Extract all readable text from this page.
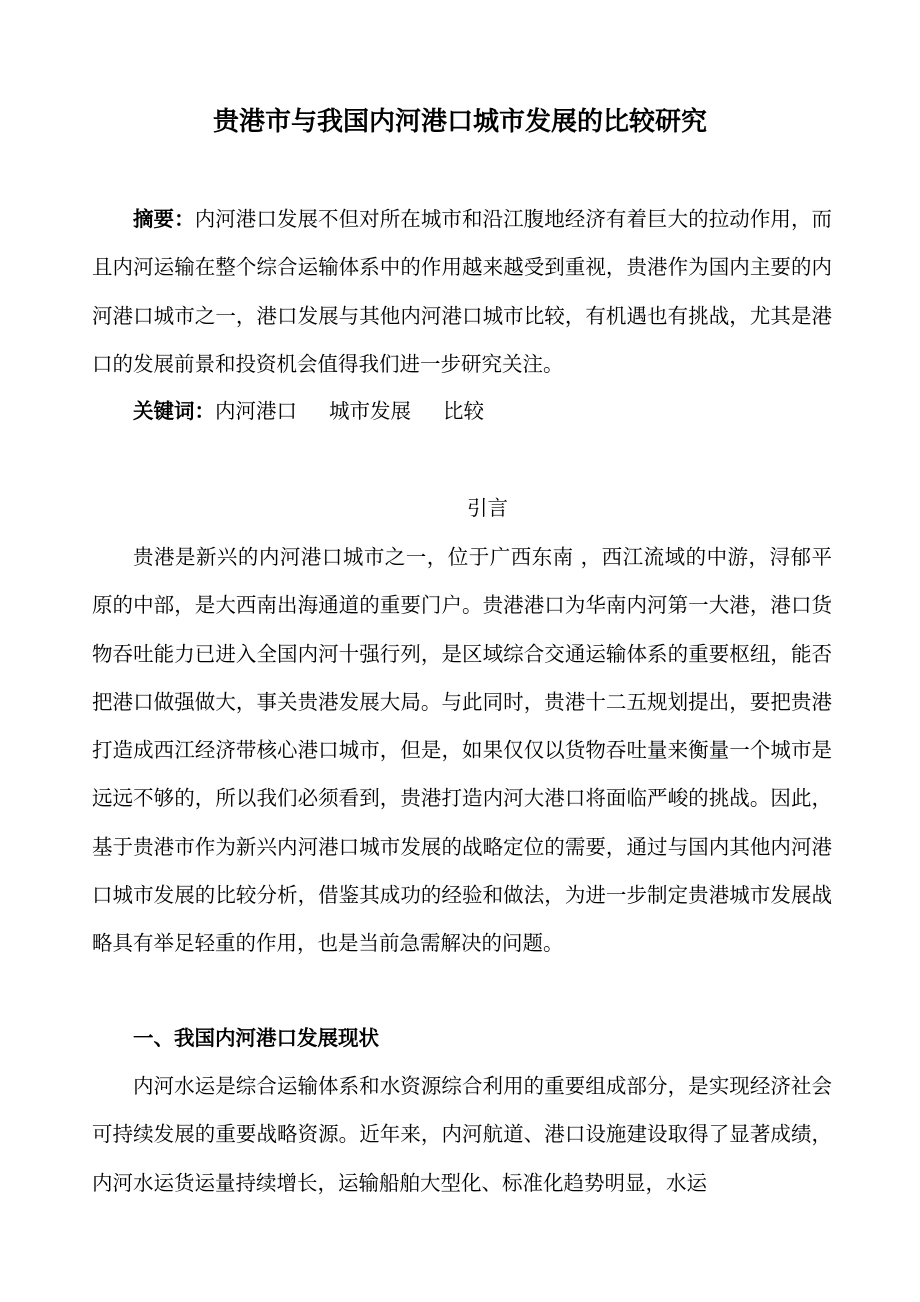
贵港市与我国内河港口城市发展的比较研究

摘要：内河港口发展不但对所在城市和沿江腹地经济有着巨大的拉动作用，而且内河运输在整个综合运输体系中的作用越来越受到重视，贵港作为国内主要的内河港口城市之一，港口发展与其他内河港口城市比较，有机遇也有挑战，尤其是港口的发展前景和投资机会值得我们进一步研究关注。

关键词：内河港口 城市发展 比较

引言

贵港是新兴的内河港口城市之一，位于广西东南 ，西江流域的中游，浔郁平原的中部，是大西南出海通道的重要门户。贵港港口为华南内河第一大港，港口货物吞吐能力已进入全国内河十强行列，是区域综合交通运输体系的重要枢纽，能否把港口做强做大，事关贵港发展大局。与此同时，贵港十二五规划提出，要把贵港打造成西江经济带核心港口城市，但是，如果仅仅以货物吞吐量来衡量一个城市是远远不够的，所以我们必须看到，贵港打造内河大港口将面临严峻的挑战。因此，基于贵港市作为新兴内河港口城市发展的战略定位的需要，通过与国内其他内河港口城市发展的比较分析，借鉴其成功的经验和做法，为进一步制定贵港城市发展战略具有举足轻重的作用，也是当前急需解决的问题。

一、我国内河港口发展现状

内河水运是综合运输体系和水资源综合利用的重要组成部分，是实现经济社会可持续发展的重要战略资源。近年来，内河航道、港口设施建设取得了显著成绩，内河水运货运量持续增长，运输船舶大型化、标准化趋势明显，水运
